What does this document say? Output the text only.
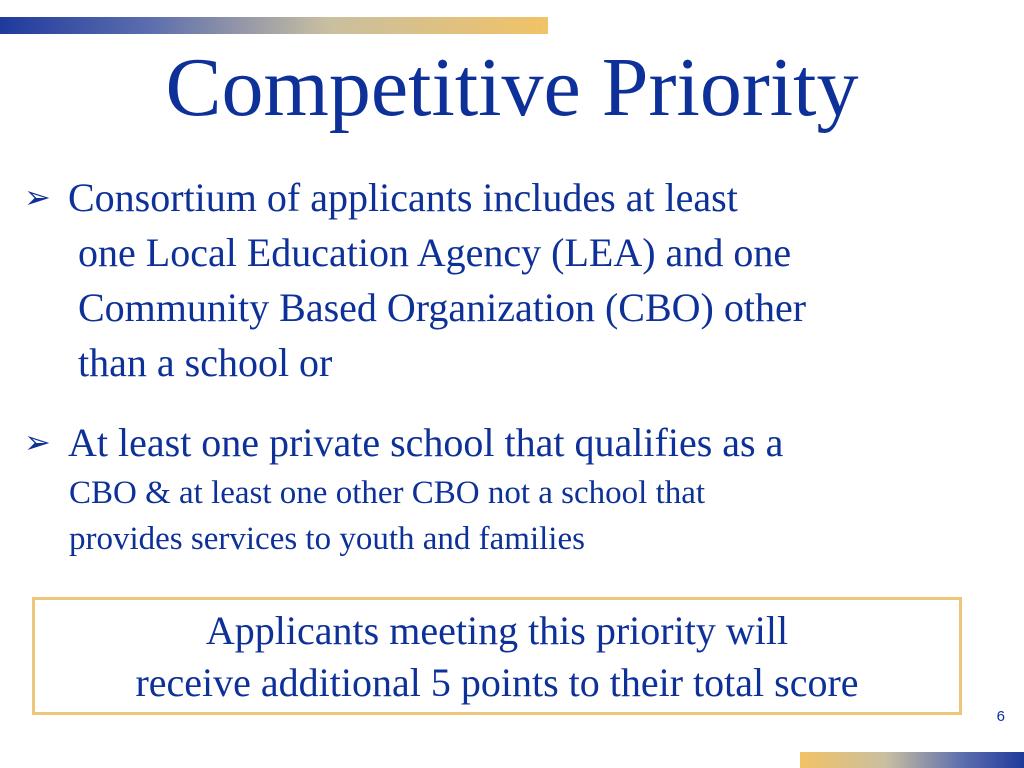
Competitive Priority

➢ Consortium of applicants includes at least
one Local Education Agency (LEA) and one
Community Based Organization (CBO) other
than a school or

➢ At least one private school that qualifies as a
CBO & at least one other CBO not a school that
provides services to youth and families

Applicants meeting this priority will
receive additional 5 points to their total score
6
